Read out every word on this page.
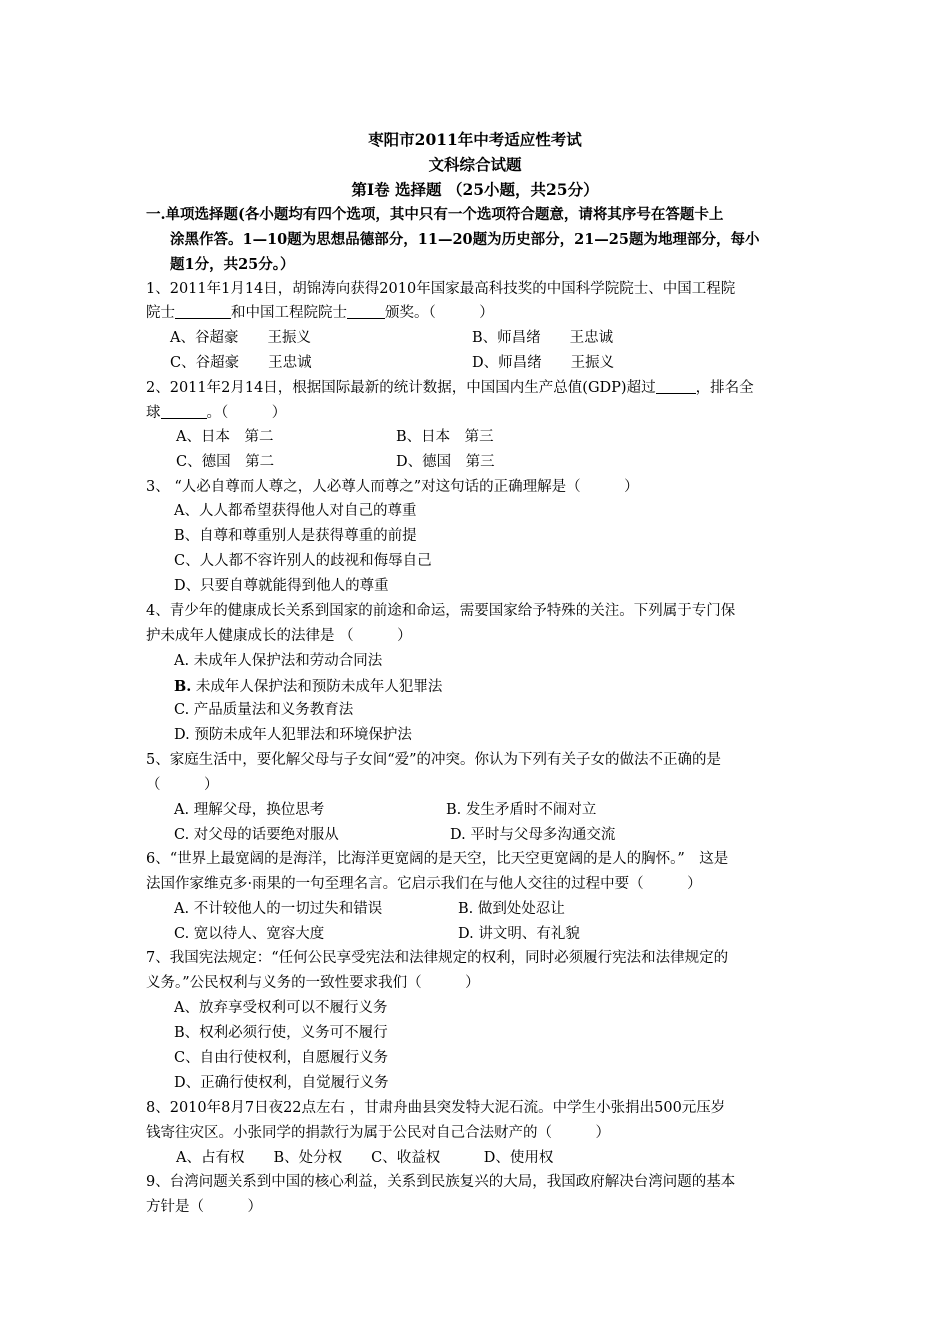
枣阳市2011年中考适应性考试
文科综合试题
第Ⅰ卷 选择题 （25小题，共25分）
一.单项选择题(各小题均有四个选项，其中只有一个选项符合题意，请将其序号在答题卡上
涂黑作答。1—10题为思想品德部分，11—20题为历史部分，21—25题为地理部分，每小
题1分，共25分。）
1、2011年1月14日，胡锦涛向获得2010年国家最高科技奖的中国科学院院士、中国工程院
院士	和中国工程院院士	颁奖。（　　　）
A、谷超豪　　王振义	B、师昌绪　　王忠诚
C、谷超豪　　王忠诚	D、师昌绪　　王振义
2、2011年2月14日，根据国际最新的统计数据，中国国内生产总值(GDP)超过	，排名全
球	。（　　　）
A、日本　第二	B、日本　第三
C、德国　第二	D、德国　第三
3、 “人必自尊而人尊之，人必尊人而尊之”对这句话的正确理解是（　　　）
A、人人都希望获得他人对自己的尊重
B、自尊和尊重别人是获得尊重的前提
C、人人都不容许别人的歧视和侮辱自己
D、只要自尊就能得到他人的尊重
4、青少年的健康成长关系到国家的前途和命运，需要国家给予特殊的关注。下列属于专门保
护未成年人健康成长的法律是 （　　　）
A. 未成年人保护法和劳动合同法
B. 未成年人保护法和预防未成年人犯罪法
C. 产品质量法和义务教育法
D. 预防未成年人犯罪法和环境保护法
5、家庭生活中，要化解父母与子女间“爱”的冲突。你认为下列有关子女的做法不正确的是
（　　　）
A. 理解父母，换位思考	B. 发生矛盾时不闹对立
C. 对父母的话要绝对服从	D. 平时与父母多沟通交流
6、“世界上最宽阔的是海洋，比海洋更宽阔的是天空，比天空更宽阔的是人的胸怀。”　这是
法国作家维克多·雨果的一句至理名言。它启示我们在与他人交往的过程中要（　　　）
A. 不计较他人的一切过失和错误	B. 做到处处忍让
C. 宽以待人、宽容大度	D. 讲文明、有礼貌
7、我国宪法规定：“任何公民享受宪法和法律规定的权利，同时必须履行宪法和法律规定的
义务。”公民权利与义务的一致性要求我们（　　　）
A、放弃享受权利可以不履行义务
B、权利必须行使，义务可不履行
C、自由行使权利，自愿履行义务
D、正确行使权利，自觉履行义务
8、2010年8月7日夜22点左右 ，甘肃舟曲县突发特大泥石流。中学生小张捐出500元压岁
钱寄往灾区。小张同学的捐款行为属于公民对自己合法财产的（　　　）
A、占有权　　B、处分权　　C、收益权　　　D、使用权
9、台湾问题关系到中国的核心利益，关系到民族复兴的大局，我国政府解决台湾问题的基本
方针是（　　　）
